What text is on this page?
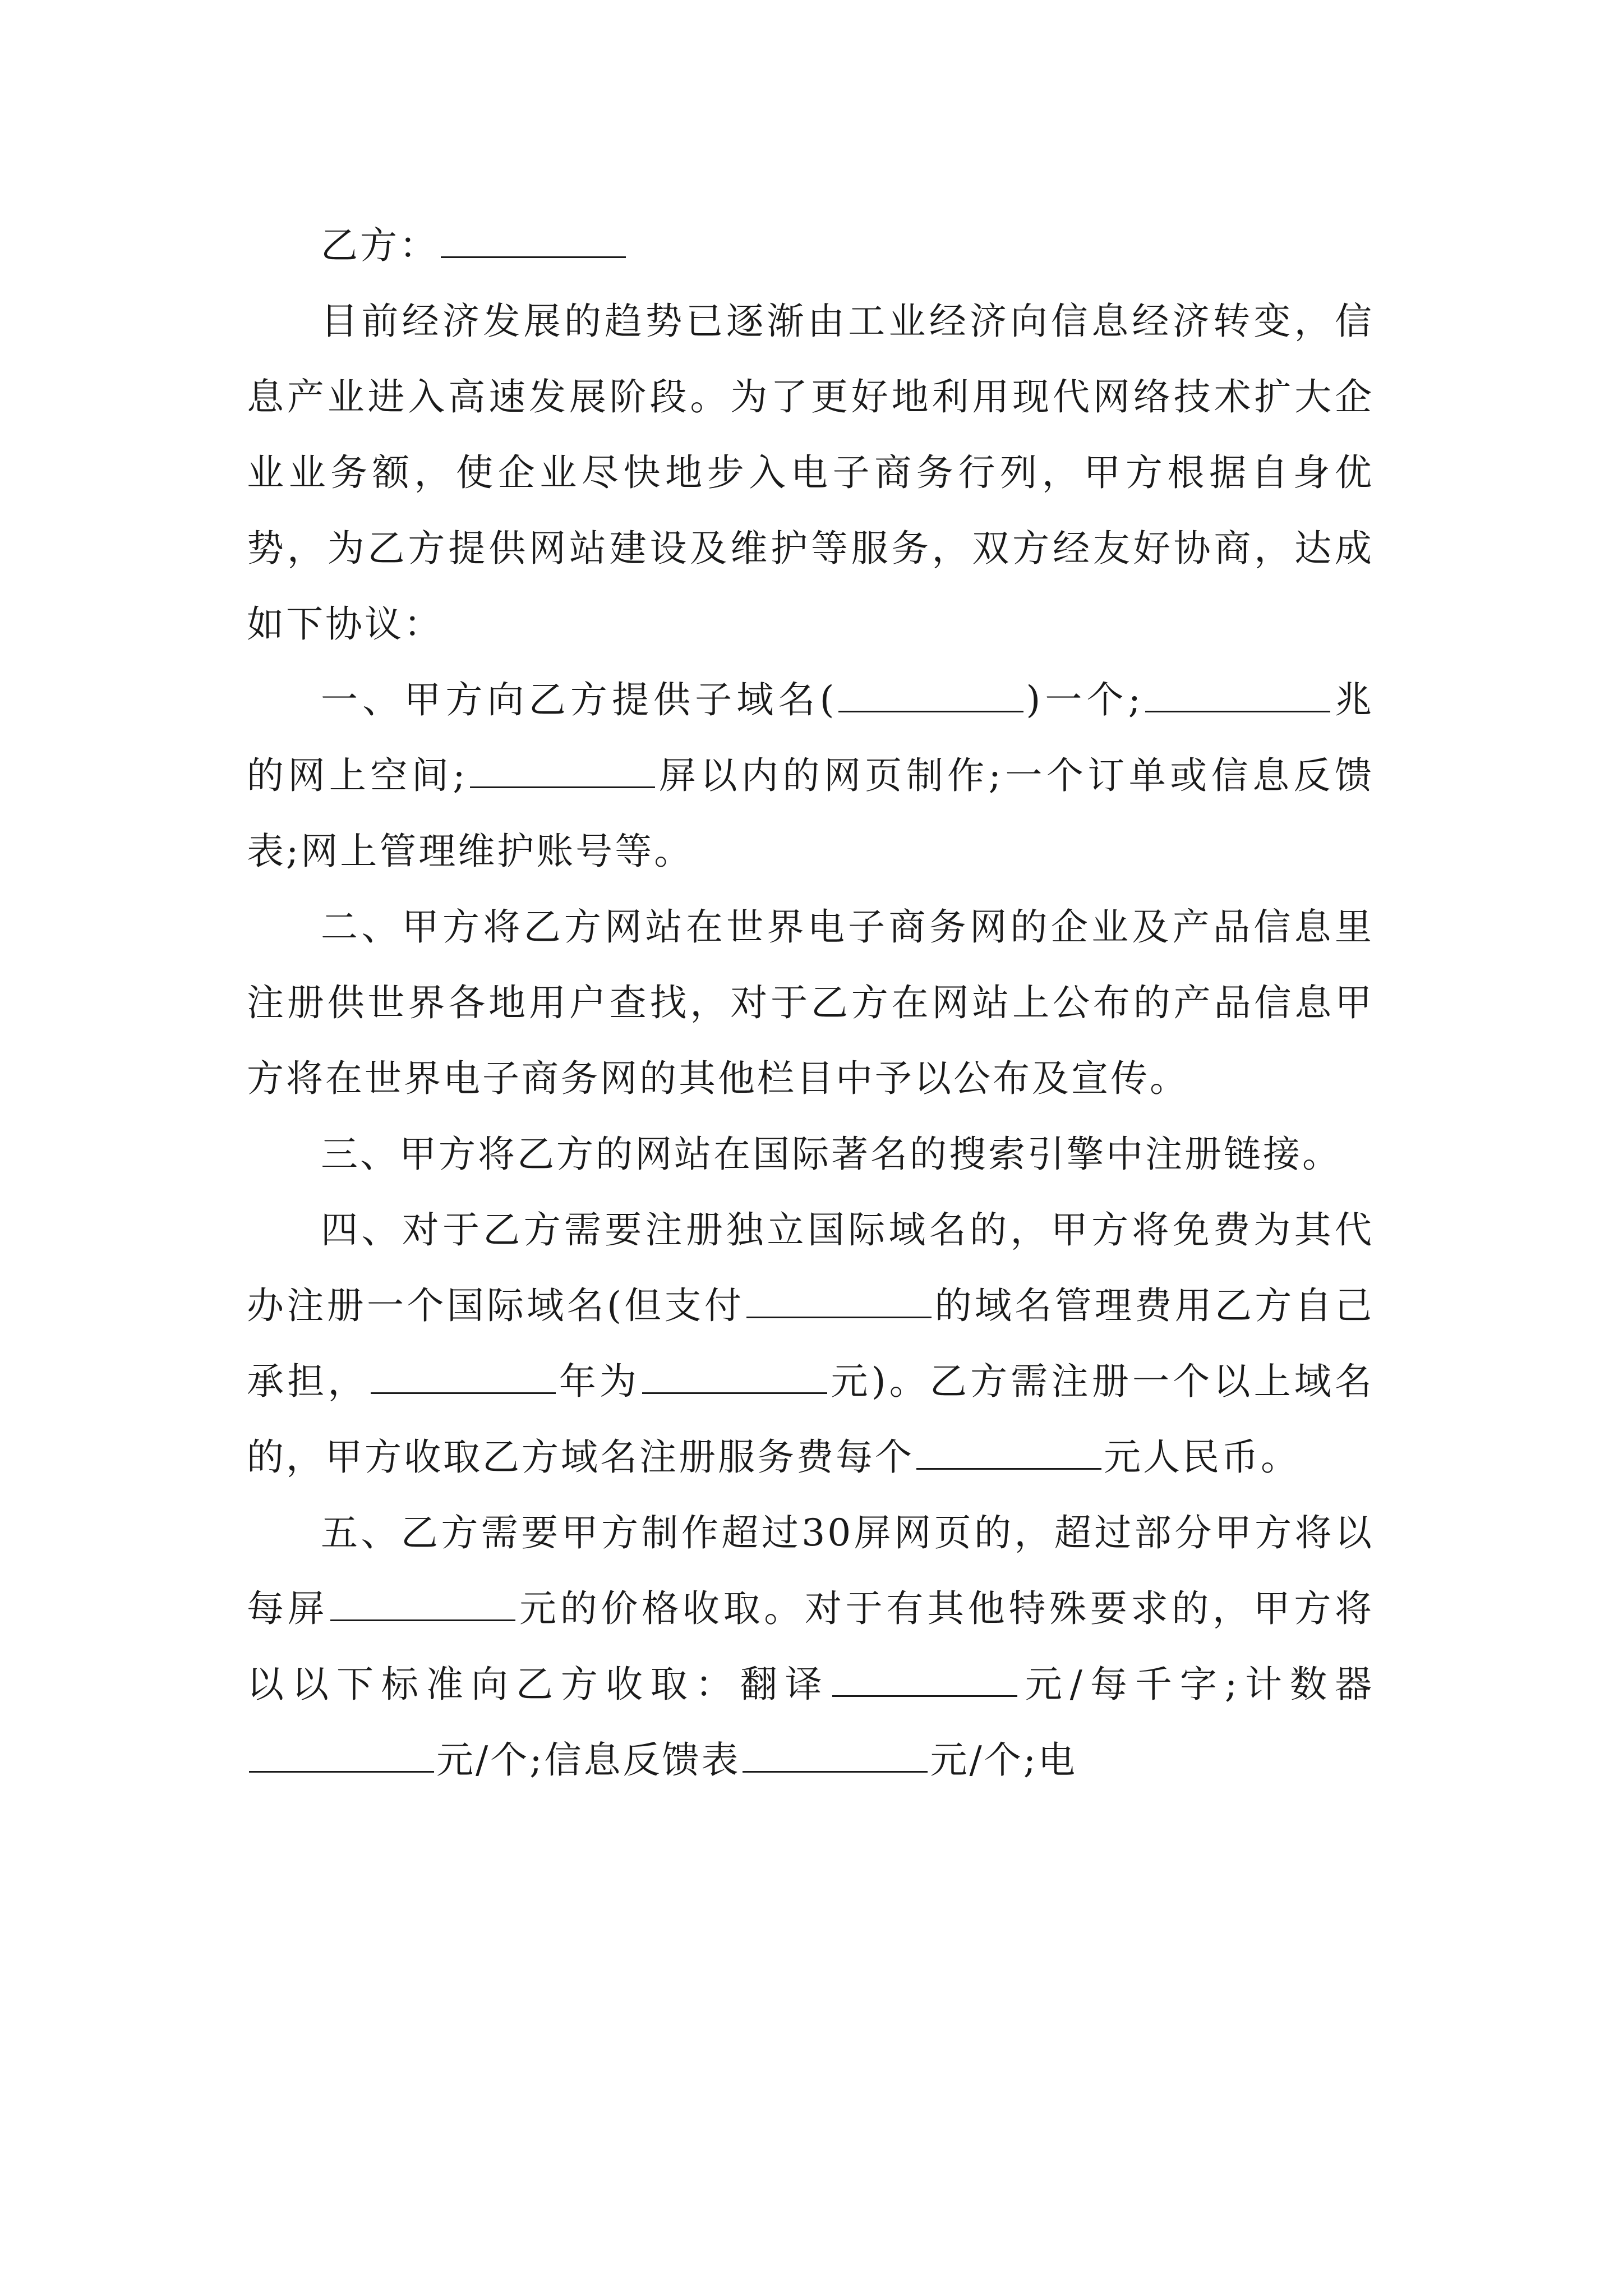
乙方：

目前经济发展的趋势已逐渐由工业经济向信息经济转变，信息产业进入高速发展阶段。为了更好地利用现代网络技术扩大企业业务额，使企业尽快地步入电子商务行列，甲方根据自身优势，为乙方提供网站建设及维护等服务，双方经友好协商，达成如下协议：

一、甲方向乙方提供子域名(	)一个;	兆的网上空间;	屏以内的网页制作;一个订单或信息反馈表;网上管理维护账号等。

二、甲方将乙方网站在世界电子商务网的企业及产品信息里注册供世界各地用户查找，对于乙方在网站上公布的产品信息甲方将在世界电子商务网的其他栏目中予以公布及宣传。

三、甲方将乙方的网站在国际著名的搜索引擎中注册链接。

四、对于乙方需要注册独立国际域名的，甲方将免费为其代办注册一个国际域名(但支付	的域名管理费用乙方自己承担，	年为	元)。乙方需注册一个以上域名的，甲方收取乙方域名注册服务费每个	元人民币。

五、乙方需要甲方制作超过30屏网页的，超过部分甲方将以每屏	元的价格收取。对于有其他特殊要求的，甲方将以以下标准向乙方收取：翻译	元/每千字;计数器元/个;信息反馈表	元/个;电
